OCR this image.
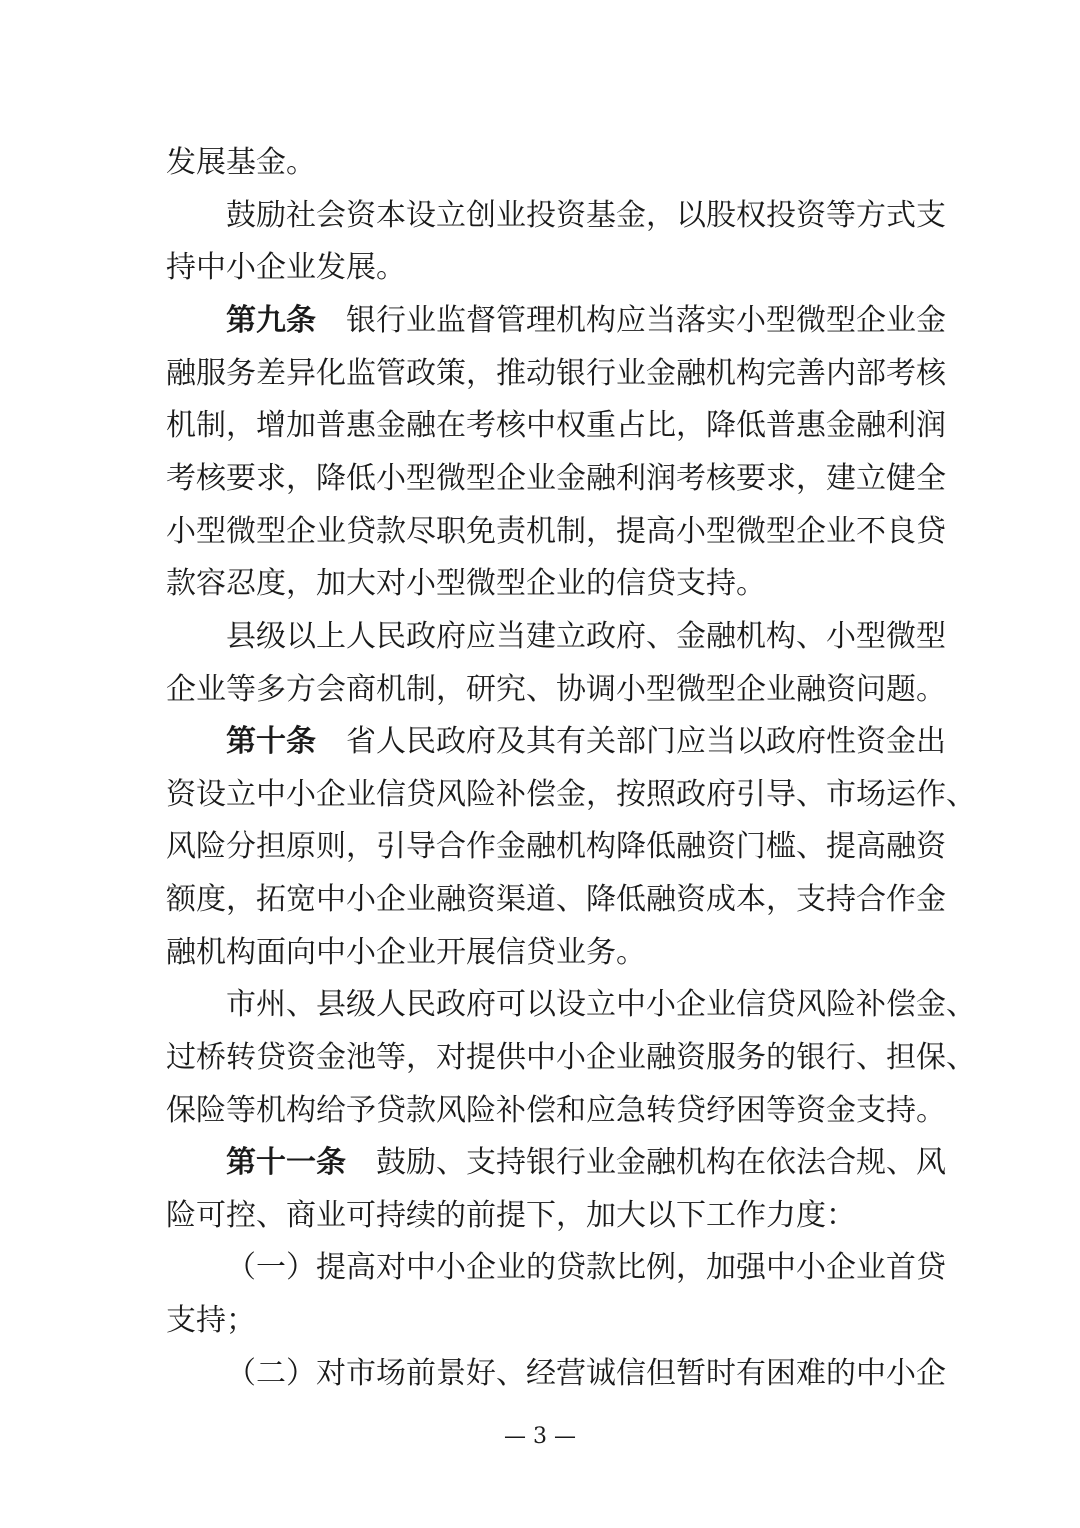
发展基金。
鼓励社会资本设立创业投资基金，以股权投资等方式支
持中小企业发展。
第九条  银行业监督管理机构应当落实小型微型企业金
融服务差异化监管政策，推动银行业金融机构完善内部考核
机制，增加普惠金融在考核中权重占比，降低普惠金融利润
考核要求，降低小型微型企业金融利润考核要求，建立健全
小型微型企业贷款尽职免责机制，提高小型微型企业不良贷
款容忍度，加大对小型微型企业的信贷支持。
县级以上人民政府应当建立政府、金融机构、小型微型
企业等多方会商机制，研究、协调小型微型企业融资问题。
第十条  省人民政府及其有关部门应当以政府性资金出
资设立中小企业信贷风险补偿金，按照政府引导、市场运作、
风险分担原则，引导合作金融机构降低融资门槛、提高融资
额度，拓宽中小企业融资渠道、降低融资成本，支持合作金
融机构面向中小企业开展信贷业务。
市州、县级人民政府可以设立中小企业信贷风险补偿金、
过桥转贷资金池等，对提供中小企业融资服务的银行、担保、
保险等机构给予贷款风险补偿和应急转贷纾困等资金支持。
第十一条  鼓励、支持银行业金融机构在依法合规、风
险可控、商业可持续的前提下，加大以下工作力度：
（一）提高对中小企业的贷款比例，加强中小企业首贷
支持；
（二）对市场前景好、经营诚信但暂时有困难的中小企
— 3 —
